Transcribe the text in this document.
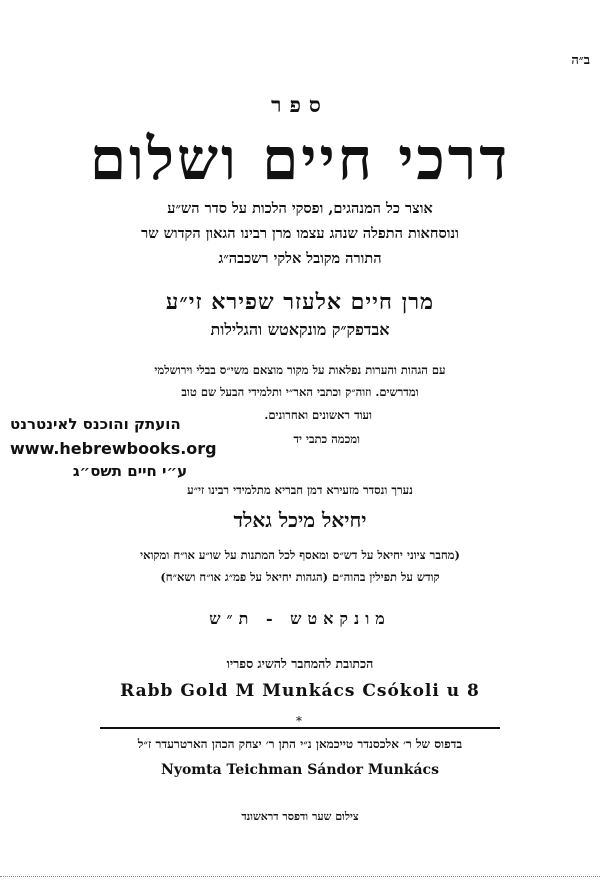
ב״ה
ספר
דרכי חיים ושלום
אוצר כל המנהגים, ופסקי הלכות על סדר הש״ע
ונוסחאות התפלה שנהג עצמו מרן רבינו הגאון הקדוש שר
התורה מקובל אלקי רשכבה״ג
מרן חיים אלעזר שפירא זי״ע
אבדפק״ק מונקאטש והגלילות
עם הגהות והערות נפלאות על מקור מוצאם משי״ס בבלי וירושלמי
ומדרשים. וזוה״ק וכתבי האר״י ותלמידי הבעל שם טוב
ועוד ראשונים ואחרונים.
ומכמה כתבי יד
הועתק והוכנס לאינטרנט
www.hebrewbooks.org
ע״י חיים תשס״ג
נערך ונסדר מזעירא דמן חבריא מתלמידי רבינו זי״ע
יחיאל מיכל גאלד
(מחבר ציוני יחיאל על דש״ס ומאסף לכל המתנות על שו״ע או״ח ומקואי
קודש על תפילין בהוה״ם (הגהות יחיאל על פמ״ג או״ח ושא״ח)
מונקאטש - ת״ש
הכתובת להמחבר להשיג ספריו
Rabb Gold M Munkács Csókoli u 8
*
בדפוס של ר׳ אלכסנדר טייכמאן נ״י התן ר׳ יצחק הכהן הארטרעדר ז״ל
Nyomta Teichman Sándor Munkács
צילום שער ודפסר דראשונד
